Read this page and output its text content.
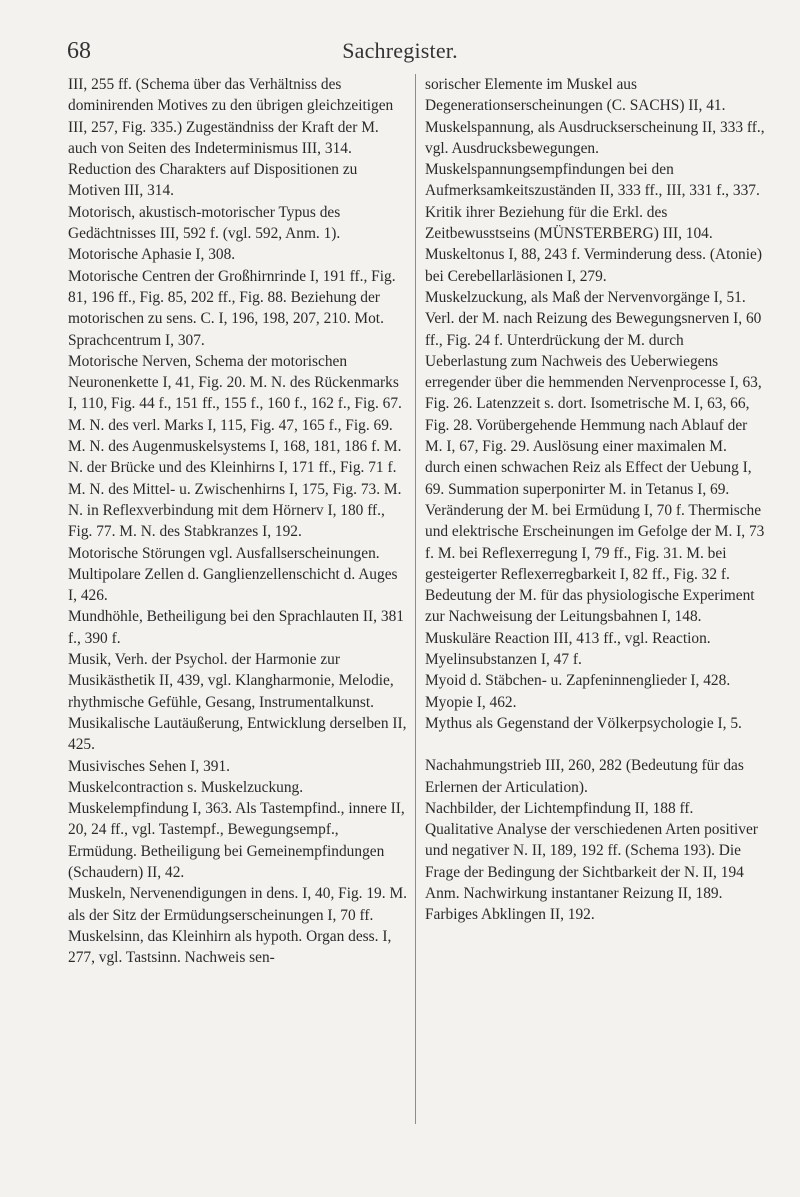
68	Sachregister.

III, 255 ff. (Schema über das Verhältniss des dominirenden Motives zu den übrigen gleichzeitigen III, 257, Fig. 335.) Zugeständniss der Kraft der M. auch von Seiten des Indeterminismus III, 314. Reduction des Charakters auf Dispositionen zu Motiven III, 314.

Motorisch, akustisch-motorischer Typus des Gedächtnisses III, 592 f. (vgl. 592, Anm. 1).

Motorische Aphasie I, 308.

Motorische Centren der Großhirnrinde I, 191 ff., Fig. 81, 196 ff., Fig. 85, 202 ff., Fig. 88. Beziehung der motorischen zu sens. C. I, 196, 198, 207, 210. Mot. Sprachcentrum I, 307.

Motorische Nerven, Schema der motorischen Neuronenkette I, 41, Fig. 20. M. N. des Rückenmarks I, 110, Fig. 44 f., 151 ff., 155 f., 160 f., 162 f., Fig. 67. M. N. des verl. Marks I, 115, Fig. 47, 165 f., Fig. 69. M. N. des Augenmuskelsystems I, 168, 181, 186 f. M. N. der Brücke und des Kleinhirns I, 171 ff., Fig. 71 f. M. N. des Mittel- u. Zwischenhirns I, 175, Fig. 73. M. N. in Reflexverbindung mit dem Hörnerv I, 180 ff., Fig. 77. M. N. des Stabkranzes I, 192.

Motorische Störungen vgl. Ausfallserscheinungen.

Multipolare Zellen d. Ganglienzellenschicht d. Auges I, 426.

Mundhöhle, Betheiligung bei den Sprachlauten II, 381 f., 390 f.

Musik, Verh. der Psychol. der Harmonie zur Musikästhetik II, 439, vgl. Klangharmonie, Melodie, rhythmische Gefühle, Gesang, Instrumentalkunst.

Musikalische Lautäußerung, Entwicklung derselben II, 425.

Musivisches Sehen I, 391.

Muskelcontraction s. Muskelzuckung.

Muskelempfindung I, 363. Als Tastempfind., innere II, 20, 24 ff., vgl. Tastempf., Bewegungsempf., Ermüdung. Betheiligung bei Gemeinempfindungen (Schaudern) II, 42.

Muskeln, Nervenendigungen in dens. I, 40, Fig. 19. M. als der Sitz der Ermüdungserscheinungen I, 70 ff.

Muskelsinn, das Kleinhirn als hypoth. Organ dess. I, 277, vgl. Tastsinn. Nachweis sen-

sorischer Elemente im Muskel aus Degenerationserscheinungen (C. SACHS) II, 41.

Muskelspannung, als Ausdruckserscheinung II, 333 ff., vgl. Ausdrucksbewegungen.

Muskelspannungsempfindungen bei den Aufmerksamkeitszuständen II, 333 ff., III, 331 f., 337. Kritik ihrer Beziehung für die Erkl. des Zeitbewusstseins (MÜNSTERBERG) III, 104.

Muskeltonus I, 88, 243 f. Verminderung dess. (Atonie) bei Cerebellarläsionen I, 279.

Muskelzuckung, als Maß der Nervenvorgänge I, 51. Verl. der M. nach Reizung des Bewegungsnerven I, 60 ff., Fig. 24 f. Unterdrückung der M. durch Ueberlastung zum Nachweis des Ueberwiegens erregender über die hemmenden Nervenprocesse I, 63, Fig. 26. Latenzzeit s. dort. Isometrische M. I, 63, 66, Fig. 28. Vorübergehende Hemmung nach Ablauf der M. I, 67, Fig. 29. Auslösung einer maximalen M. durch einen schwachen Reiz als Effect der Uebung I, 69. Summation superponirter M. in Tetanus I, 69. Veränderung der M. bei Ermüdung I, 70 f. Thermische und elektrische Erscheinungen im Gefolge der M. I, 73 f. M. bei Reflexerregung I, 79 ff., Fig. 31. M. bei gesteigerter Reflexerregbarkeit I, 82 ff., Fig. 32 f. Bedeutung der M. für das physiologische Experiment zur Nachweisung der Leitungsbahnen I, 148.

Muskuläre Reaction III, 413 ff., vgl. Reaction.

Myelinsubstanzen I, 47 f.

Myoid d. Stäbchen- u. Zapfeninnenglieder I, 428.

Myopie I, 462.

Mythus als Gegenstand der Völkerpsychologie I, 5.

Nachahmungstrieb III, 260, 282 (Bedeutung für das Erlernen der Articulation).

Nachbilder, der Lichtempfindung II, 188 ff. Qualitative Analyse der verschiedenen Arten positiver und negativer N. II, 189, 192 ff. (Schema 193). Die Frage der Bedingung der Sichtbarkeit der N. II, 194 Anm. Nachwirkung instantaner Reizung II, 189. Farbiges Abklingen II, 192.
